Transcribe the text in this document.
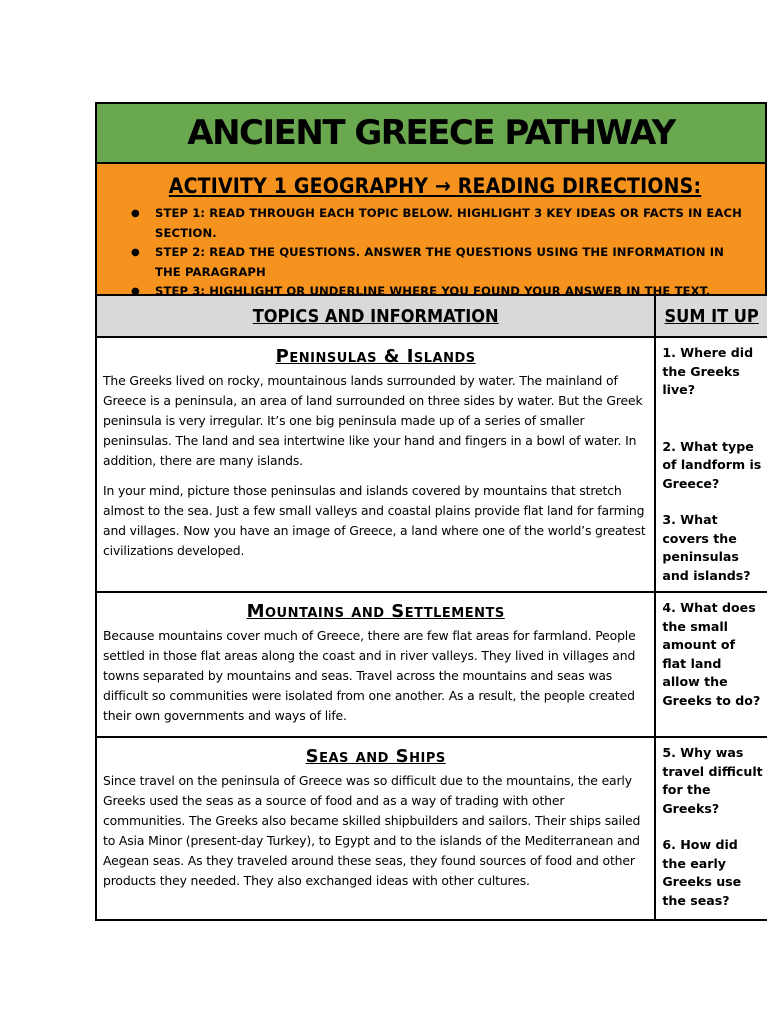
ANCIENT GREECE PATHWAY
ACTIVITY 1 GEOGRAPHY → READING DIRECTIONS:
● STEP 1: READ THROUGH EACH TOPIC BELOW. HIGHLIGHT 3 KEY IDEAS OR FACTS IN EACH SECTION.
● STEP 2: READ THE QUESTIONS. ANSWER THE QUESTIONS USING THE INFORMATION IN THE PARAGRAPH
● STEP 3: HIGHLIGHT OR UNDERLINE WHERE YOU FOUND YOUR ANSWER IN THE TEXT.
TOPICS AND INFORMATION	SUM IT UP
Peninsulas & Islands

The Greeks lived on rocky, mountainous lands surrounded by water. The mainland of Greece is a peninsula, an area of land surrounded on three sides by water. But the Greek peninsula is very irregular. It’s one big peninsula made up of a series of smaller peninsulas. The land and sea intertwine like your hand and fingers in a bowl of water. In addition, there are many islands.

In your mind, picture those peninsulas and islands covered by mountains that stretch almost to the sea. Just a few small valleys and coastal plains provide flat land for farming and villages. Now you have an image of Greece, a land where one of the world’s greatest civilizations developed.

1. Where did the Greeks live?

2. What type of landform is Greece?

3. What covers the peninsulas and islands?

Mountains and Settlements

Because mountains cover much of Greece, there are few flat areas for farmland. People settled in those flat areas along the coast and in river valleys. They lived in villages and towns separated by mountains and seas. Travel across the mountains and seas was difficult so communities were isolated from one another. As a result, the people created their own governments and ways of life.

4. What does the small amount of flat land allow the Greeks to do?

Seas and Ships

Since travel on the peninsula of Greece was so difficult due to the mountains, the early Greeks used the seas as a source of food and as a way of trading with other communities. The Greeks also became skilled shipbuilders and sailors. Their ships sailed to Asia Minor (present-day Turkey), to Egypt and to the islands of the Mediterranean and Aegean seas. As they traveled around these seas, they found sources of food and other products they needed. They also exchanged ideas with other cultures.

5. Why was travel difficult for the Greeks?

6. How did the early Greeks use the seas?
